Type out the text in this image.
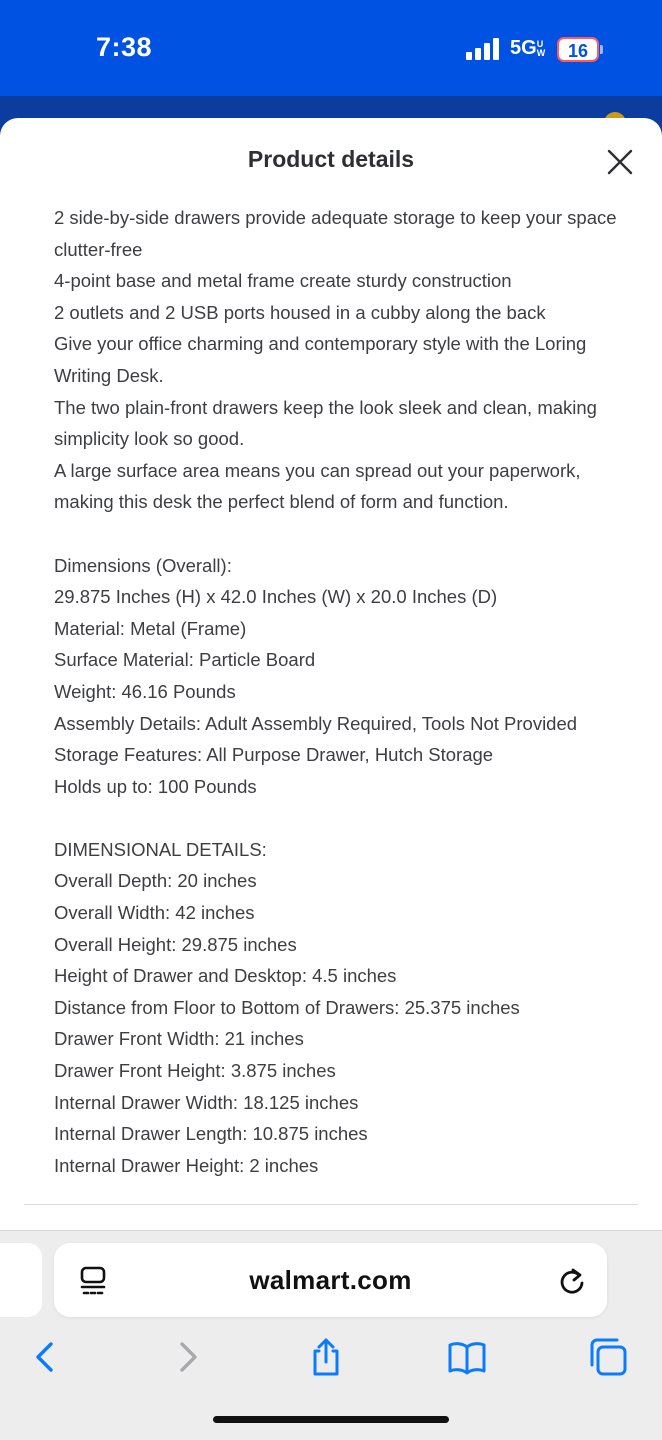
7:38	5GUW	16
Product details

2 side-by-side drawers provide adequate storage to keep your space clutter-free

4-point base and metal frame create sturdy construction

2 outlets and 2 USB ports housed in a cubby along the back

Give your office charming and contemporary style with the Loring Writing Desk.

The two plain-front drawers keep the look sleek and clean, making simplicity look so good.

A large surface area means you can spread out your paperwork, making this desk the perfect blend of form and function.

Dimensions (Overall):

29.875 Inches (H) x 42.0 Inches (W) x 20.0 Inches (D)

Material: Metal (Frame)

Surface Material: Particle Board

Weight: 46.16 Pounds

Assembly Details: Adult Assembly Required, Tools Not Provided

Storage Features: All Purpose Drawer, Hutch Storage

Holds up to: 100 Pounds

DIMENSIONAL DETAILS:

Overall Depth: 20 inches

Overall Width: 42 inches

Overall Height: 29.875 inches

Height of Drawer and Desktop: 4.5 inches

Distance from Floor to Bottom of Drawers: 25.375 inches

Drawer Front Width: 21 inches

Drawer Front Height: 3.875 inches

Internal Drawer Width: 18.125 inches

Internal Drawer Length: 10.875 inches

Internal Drawer Height: 2 inches

walmart.com
